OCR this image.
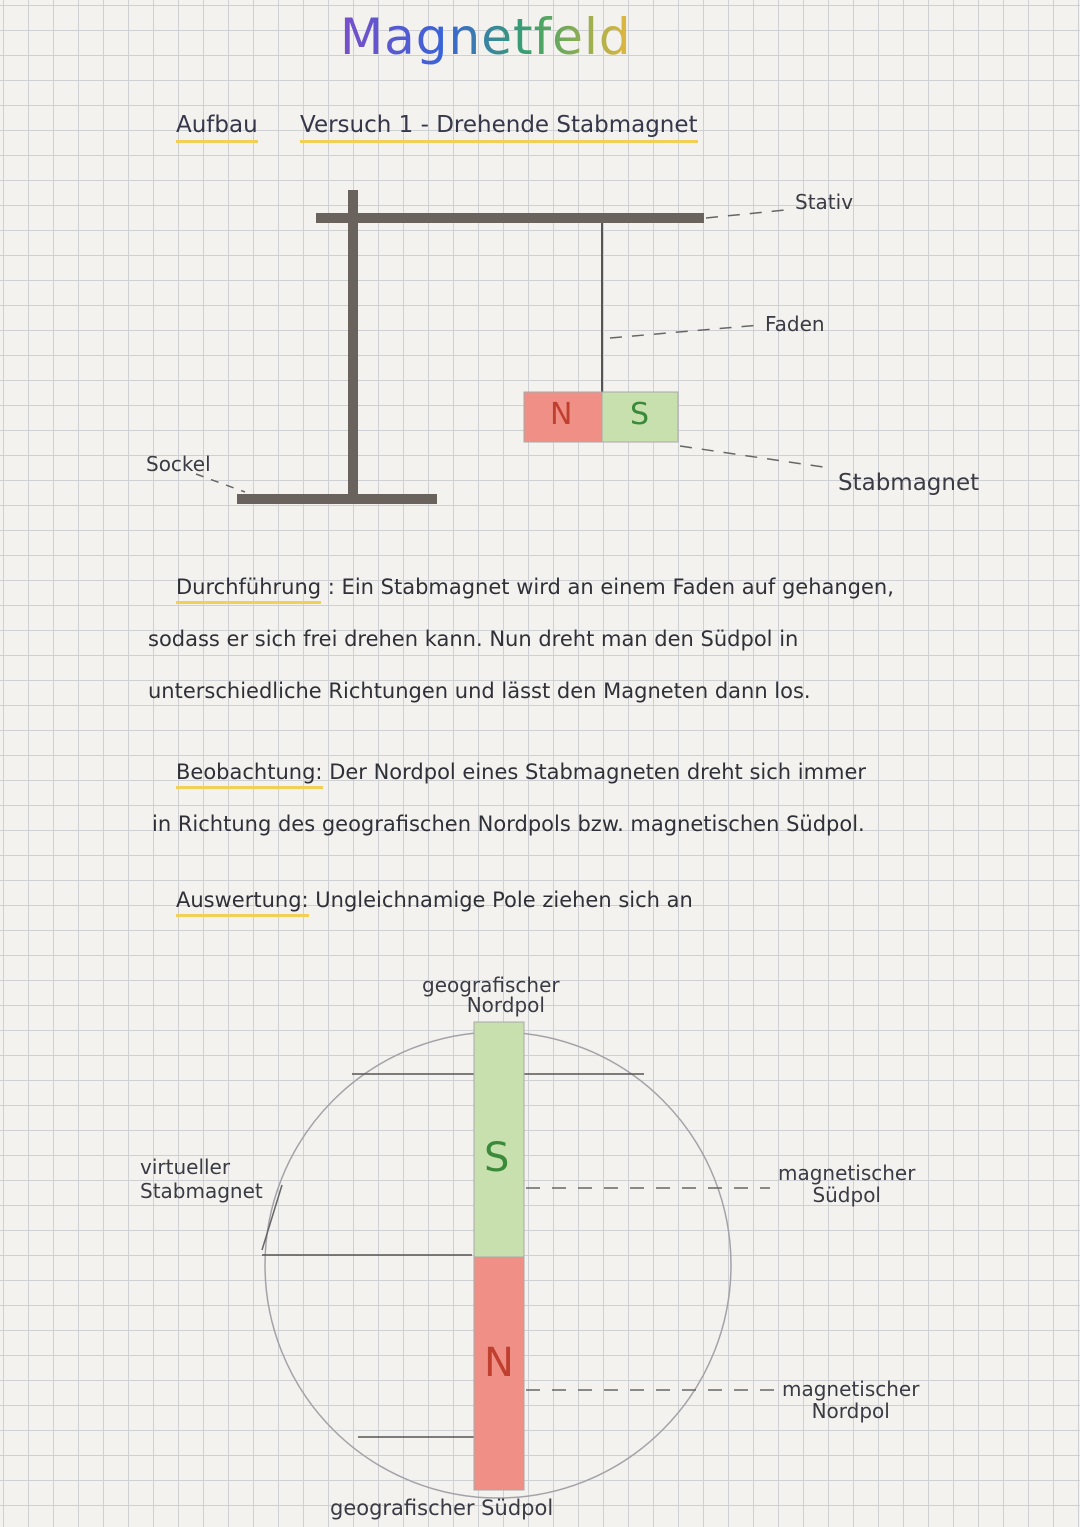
Magnetfeld
Aufbau Versuch 1 - Drehende Stabmagnet
N S
Stativ
Faden
Sockel
Stabmagnet
Durchführung : Ein Stabmagnet wird an einem Faden auf gehangen,
sodass er sich frei drehen kann. Nun dreht man den Südpol in
unterschiedliche Richtungen und lässt den Magneten dann los.
Beobachtung: Der Nordpol eines Stabmagneten dreht sich immer
in Richtung des geografischen Nordpols bzw. magnetischen Südpol.
Auswertung: Ungleichnamige Pole ziehen sich an
S
N
geografischer
Nordpol
virtueller
Stabmagnet
magnetischer
Südpol
magnetischer
Nordpol
geografischer Südpol
